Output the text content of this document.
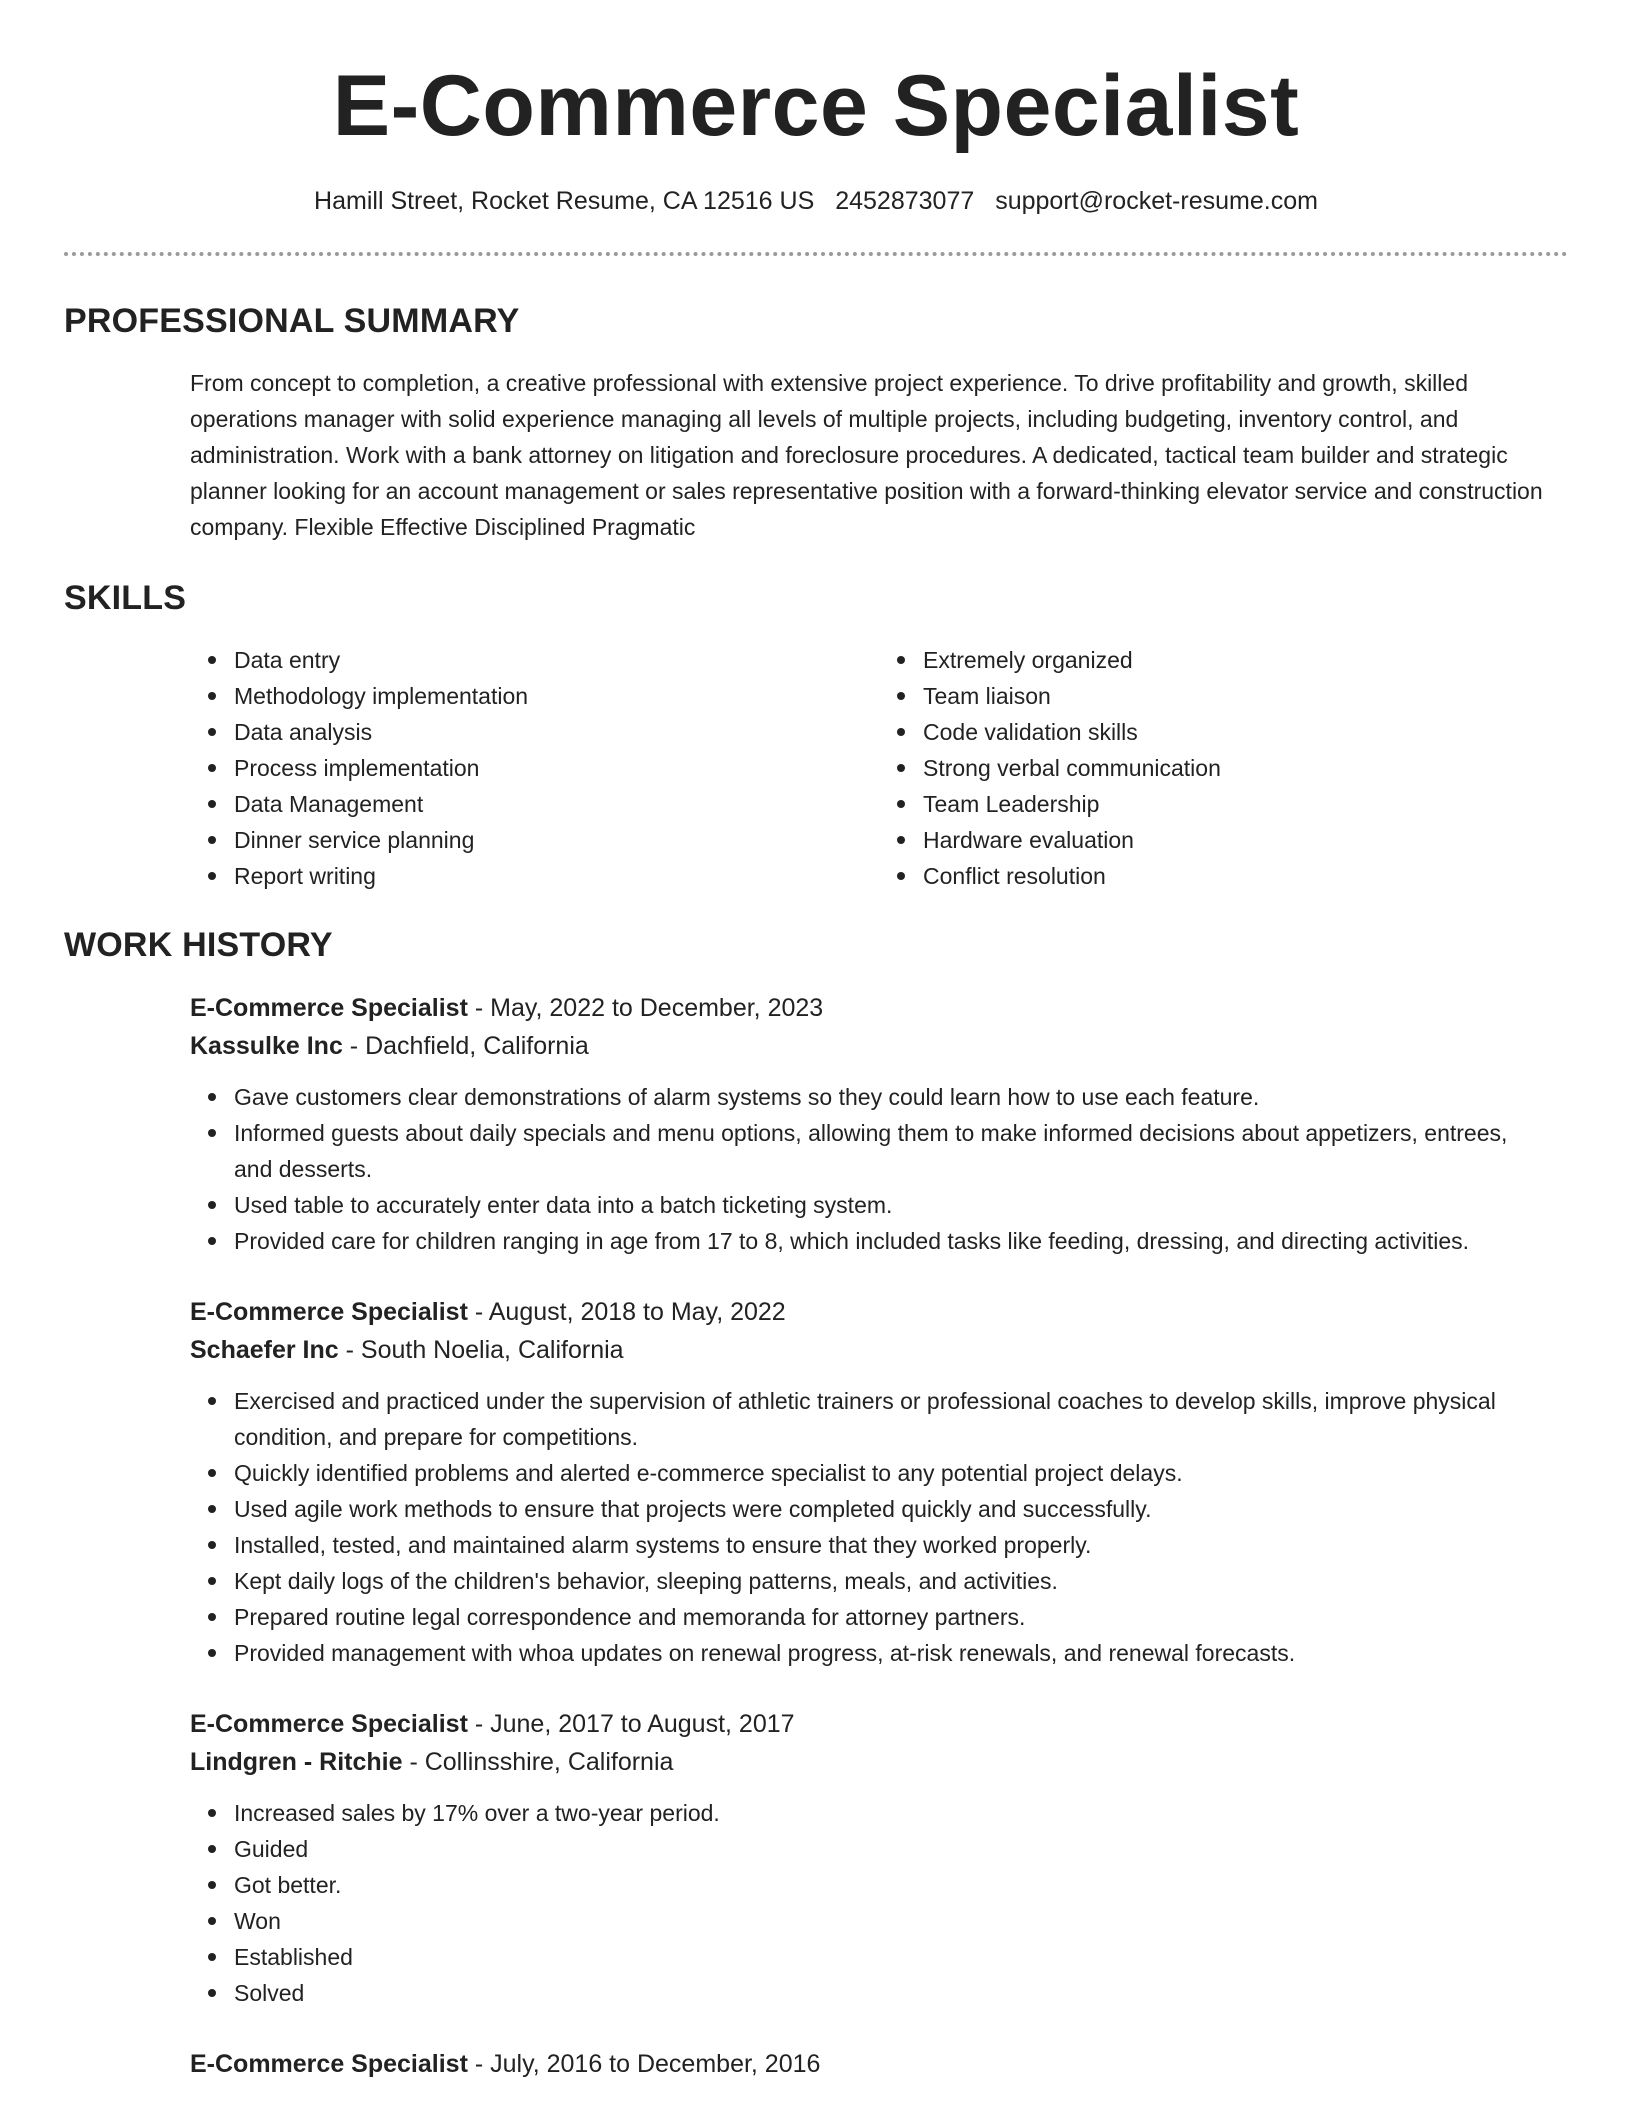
E-Commerce Specialist
Hamill Street, Rocket Resume, CA 12516 US 2452873077 support@rocket-resume.com
PROFESSIONAL SUMMARY
From concept to completion, a creative professional with extensive project experience. To drive profitability and growth, skilled operations manager with solid experience managing all levels of multiple projects, including budgeting, inventory control, and administration. Work with a bank attorney on litigation and foreclosure procedures. A dedicated, tactical team builder and strategic planner looking for an account management or sales representative position with a forward-thinking elevator service and construction company. Flexible Effective Disciplined Pragmatic
SKILLS
Data entry
Methodology implementation
Data analysis
Process implementation
Data Management
Dinner service planning
Report writing
Extremely organized
Team liaison
Code validation skills
Strong verbal communication
Team Leadership
Hardware evaluation
Conflict resolution
WORK HISTORY
E-Commerce Specialist - May, 2022 to December, 2023
Kassulke Inc - Dachfield, California
Gave customers clear demonstrations of alarm systems so they could learn how to use each feature.
Informed guests about daily specials and menu options, allowing them to make informed decisions about appetizers, entrees, and desserts.
Used table to accurately enter data into a batch ticketing system.
Provided care for children ranging in age from 17 to 8, which included tasks like feeding, dressing, and directing activities.
E-Commerce Specialist - August, 2018 to May, 2022
Schaefer Inc - South Noelia, California
Exercised and practiced under the supervision of athletic trainers or professional coaches to develop skills, improve physical condition, and prepare for competitions.
Quickly identified problems and alerted e-commerce specialist to any potential project delays.
Used agile work methods to ensure that projects were completed quickly and successfully.
Installed, tested, and maintained alarm systems to ensure that they worked properly.
Kept daily logs of the children's behavior, sleeping patterns, meals, and activities.
Prepared routine legal correspondence and memoranda for attorney partners.
Provided management with whoa updates on renewal progress, at-risk renewals, and renewal forecasts.
E-Commerce Specialist - June, 2017 to August, 2017
Lindgren - Ritchie - Collinsshire, California
Increased sales by 17% over a two-year period.
Guided
Got better.
Won
Established
Solved
E-Commerce Specialist - July, 2016 to December, 2016
